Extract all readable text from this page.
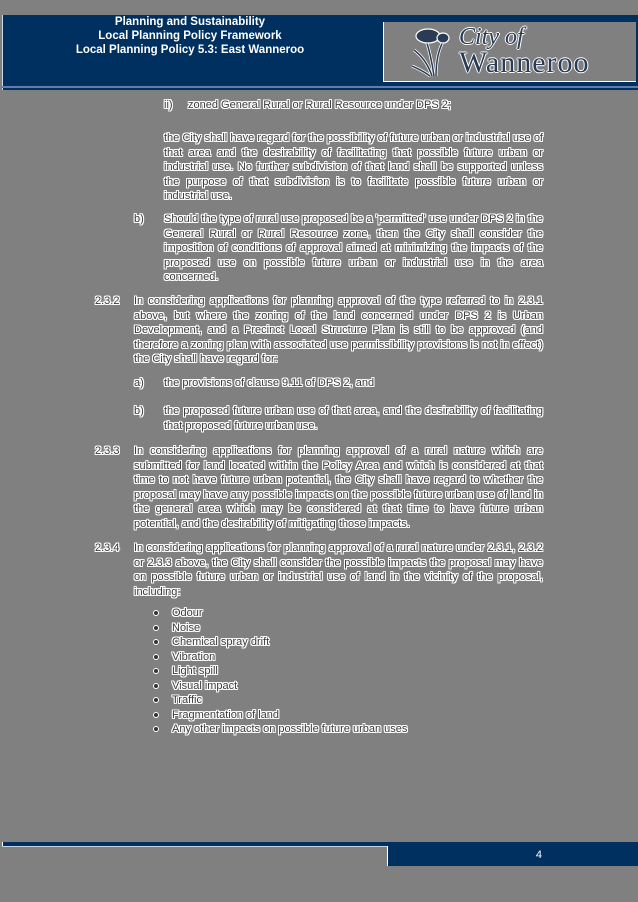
Planning and Sustainability
Local Planning Policy Framework
Local Planning Policy 5.3: East Wanneroo	City of
Wanneroo
ii) zoned General Rural or Rural Resource under DPS 2;
the City shall have regard for the possibility of future urban or industrial use of that area and the desirability of facilitating that possible future urban or industrial use. No further subdivision of that land shall be supported unless the purpose of that subdivision is to facilitate possible future urban or industrial use.
b) Should the type of rural use proposed be a 'permitted' use under DPS 2 in the General Rural or Rural Resource zone, then the City shall consider the imposition of conditions of approval aimed at minimizing the impacts of the proposed use on possible future urban or industrial use in the area concerned.
2.3.2 In considering applications for planning approval of the type referred to in 2.3.1 above, but where the zoning of the land concerned under DPS 2 is Urban Development, and a Precinct Local Structure Plan is still to be approved (and therefore a zoning plan with associated use permissibility provisions is not in effect) the City shall have regard for:
a) the provisions of clause 9.11 of DPS 2, and
b) the proposed future urban use of that area, and the desirability of facilitating that proposed future urban use.
2.3.3 In considering applications for planning approval of a rural nature which are submitted for land located within the Policy Area and which is considered at that time to not have future urban potential, the City shall have regard to whether the proposal may have any possible impacts on the possible future urban use of land in the general area which may be considered at that time to have future urban potential, and the desirability of mitigating those impacts.
2.3.4 In considering applications for planning approval of a rural nature under 2.3.1, 2.3.2 or 2.3.3 above, the City shall consider the possible impacts the proposal may have on possible future urban or industrial use of land in the vicinity of the proposal, including:
Odour
Noise
Chemical spray drift
Vibration
Light spill
Visual impact
Traffic
Fragmentation of land
Any other impacts on possible future urban uses
4
